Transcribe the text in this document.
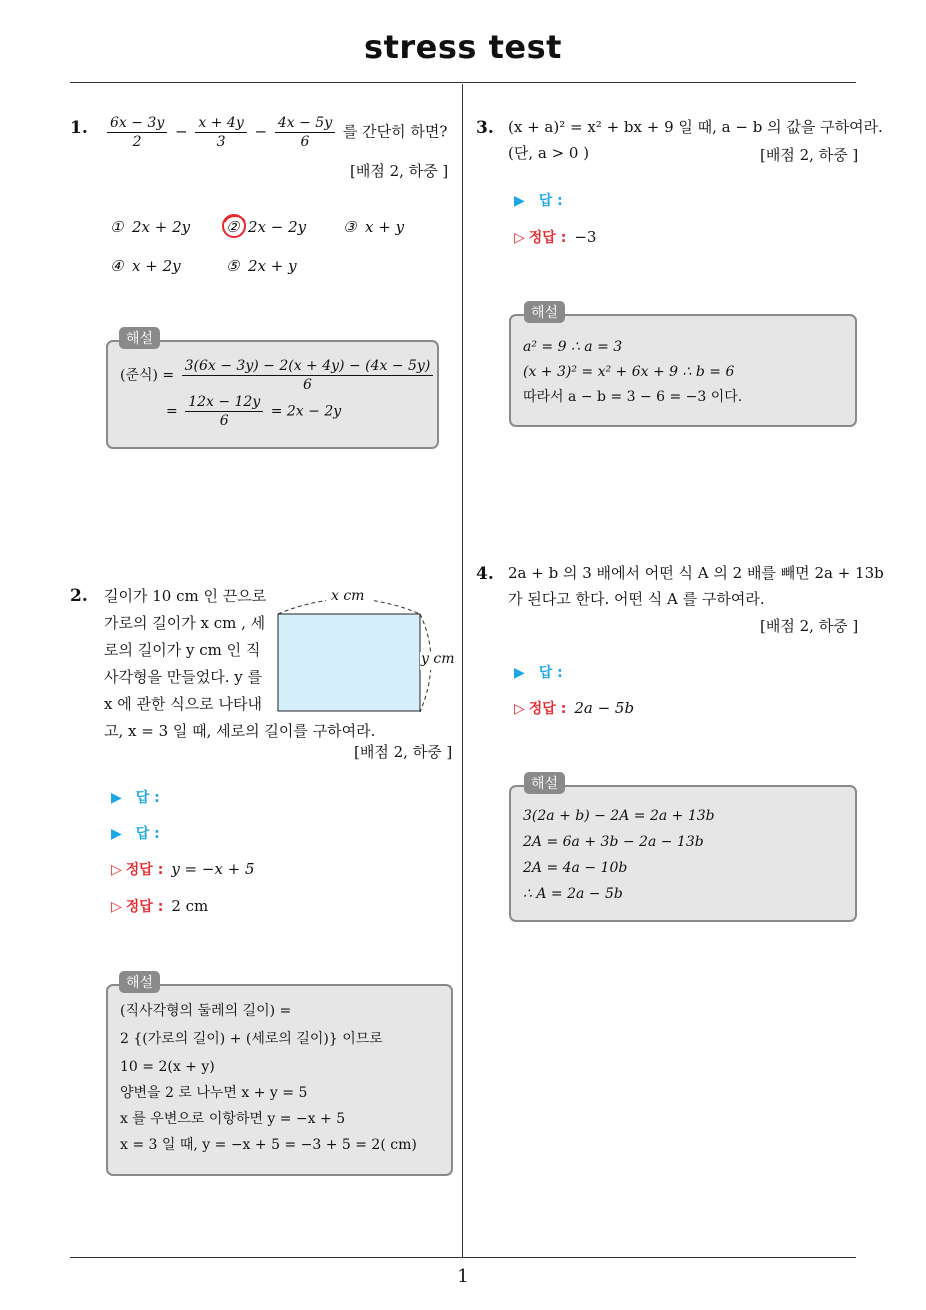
stress test
1
1. $\frac{6x - 3y}{2} - \frac{x + 4y}{3} - \frac{4x - 5y}{6}$ 를 간단히 하면?
[배점 2, 하중 ]
① 2x + 2y ② 2x − 2y ③ x + y
④ x + 2y	⑤ 2x + y
(준식) = $\frac{3(6x - 3y) - 2(x + 4y) - (4x - 5y)}{6}$
= $\frac{12x - 12y}{6} = 2x - 2y$
해설
2. 길이가 10 cm 인 끈으로
가로의 길이가 x cm , 세
로의 길이가 y cm 인 직
사각형을 만들었다. y 를
x 에 관한 식으로 나타내
고, x = 3 일 때, 세로의 길이를 구하여라.
x cm
y cm
[배점 2, 하중 ]
▶ 답 :
▶ 답 :
▷ 정답 : y = −x + 5
▷ 정답 : 2 cm
(직사각형의 둘레의 길이) =
2 {(가로의 길이) + (세로의 길이)} 이므로
10 = 2(x + y)
양변을 2 로 나누면 x + y = 5
x 를 우변으로 이항하면 y = −x + 5
x = 3 일 때, y = −x + 5 = −3 + 5 = 2( cm)
해설
3. (x + a)² = x² + bx + 9 일 때, a − b 의 값을 구하여라.
(단, a > 0 )	[배점 2, 하중 ]
▶ 답 :
▷ 정답 : −3
a² = 9 ∴ a = 3
(x + 3)² = x² + 6x + 9 ∴ b = 6
따라서 a − b = 3 − 6 = −3 이다.
해설
4. 2a + b 의 3 배에서 어떤 식 A 의 2 배를 빼면 2a + 13b
가 된다고 한다. 어떤 식 A 를 구하여라.
[배점 2, 하중 ]
▶ 답 :
▷ 정답 : 2a − 5b
3(2a + b) − 2A = 2a + 13b
2A = 6a + 3b − 2a − 13b
2A = 4a − 10b
∴ A = 2a − 5b
해설
